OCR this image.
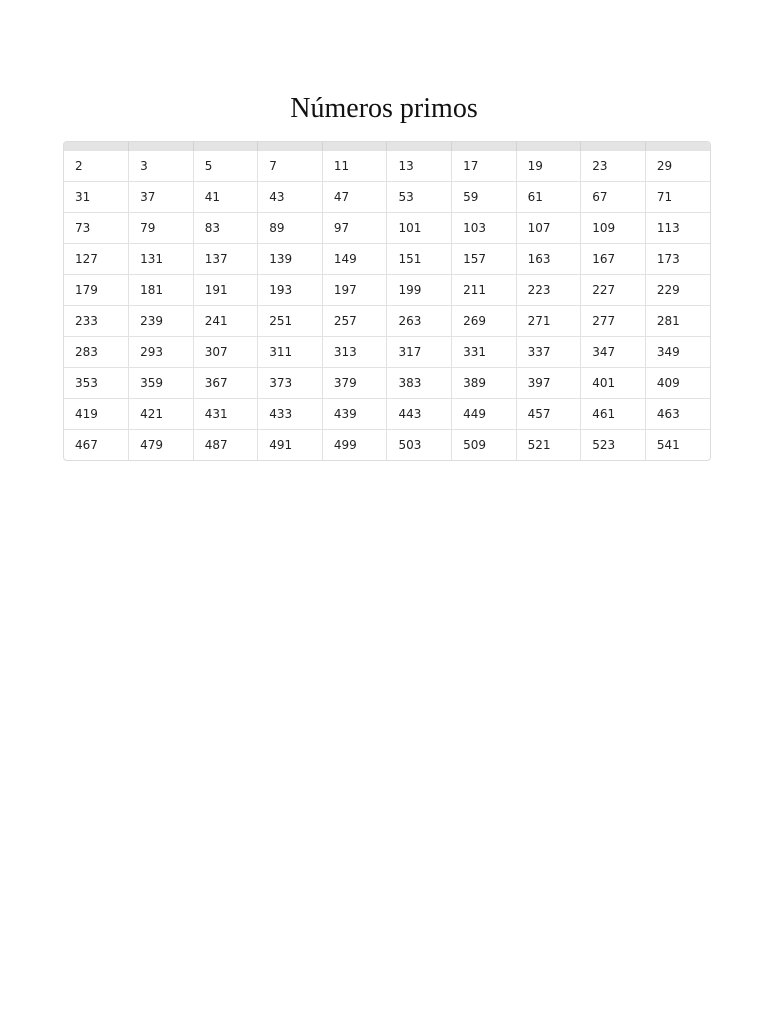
Números primos

2	3	5	7	11	13	17	19	23	29
31	37	41	43	47	53	59	61	67	71
73	79	83	89	97	101	103	107	109	113
127	131	137	139	149	151	157	163	167	173
179	181	191	193	197	199	211	223	227	229
233	239	241	251	257	263	269	271	277	281
283	293	307	311	313	317	331	337	347	349
353	359	367	373	379	383	389	397	401	409
419	421	431	433	439	443	449	457	461	463
467	479	487	491	499	503	509	521	523	541
